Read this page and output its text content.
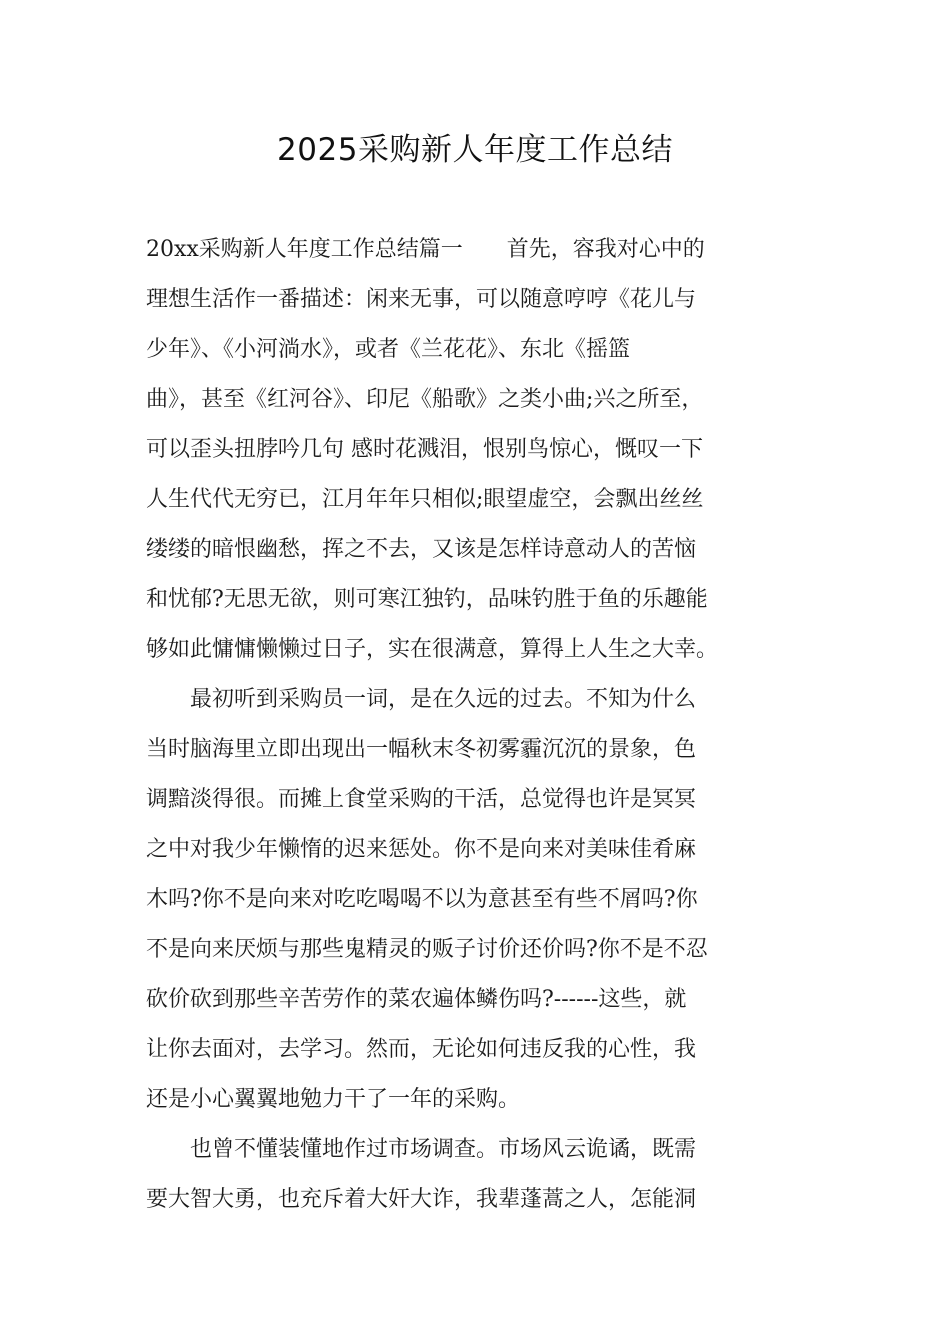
2025采购新人年度工作总结
20xx采购新人年度工作总结篇一　　首先，容我对心中的
理想生活作一番描述：闲来无事，可以随意哼哼《花儿与
少年》、《小河淌水》，或者《兰花花》、东北《摇篮
曲》，甚至《红河谷》、印尼《船歌》之类小曲;兴之所至，
可以歪头扭脖吟几句 感时花溅泪，恨别鸟惊心，慨叹一下
人生代代无穷已，江月年年只相似;眼望虚空，会飘出丝丝
缕缕的暗恨幽愁，挥之不去，又该是怎样诗意动人的苦恼
和忧郁?无思无欲，则可寒江独钓，品味钓胜于鱼的乐趣能
够如此慵慵懒懒过日子，实在很满意，算得上人生之大幸。
　　最初听到采购员一词，是在久远的过去。不知为什么
当时脑海里立即出现出一幅秋末冬初雾霾沉沉的景象，色
调黯淡得很。而摊上食堂采购的干活，总觉得也许是冥冥
之中对我少年懒惰的迟来惩处。你不是向来对美味佳肴麻
木吗?你不是向来对吃吃喝喝不以为意甚至有些不屑吗?你
不是向来厌烦与那些鬼精灵的贩子讨价还价吗?你不是不忍
砍价砍到那些辛苦劳作的菜农遍体鳞伤吗?------这些，就
让你去面对，去学习。然而，无论如何违反我的心性，我
还是小心翼翼地勉力干了一年的采购。
　　也曾不懂装懂地作过市场调查。市场风云诡谲，既需
要大智大勇，也充斥着大奸大诈，我辈蓬蒿之人，怎能洞
